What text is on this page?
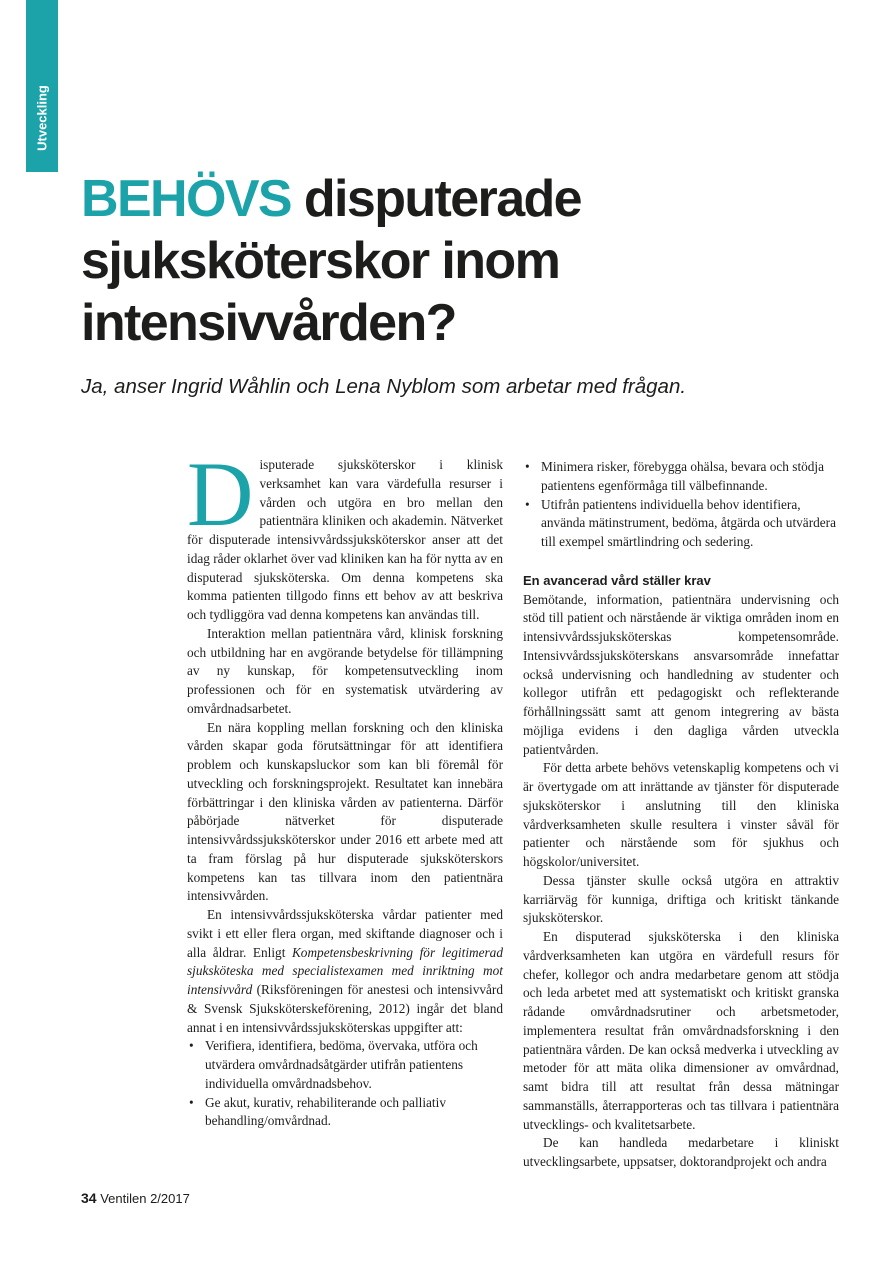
Utveckling
BEHÖVS disputerade sjuksköterskor inom intensivvården?

Ja, anser Ingrid Wåhlin och Lena Nyblom som arbetar med frågan.

Disputerade sjuksköterskor i klinisk verksamhet kan vara värdefulla resurser i vården och utgöra en bro mellan den patientnära kliniken och akademin. Nätverket för disputerade intensivvårdssjuksköterskor anser att det idag råder oklarhet över vad kliniken kan ha för nytta av en disputerad sjuksköterska. Om denna kompetens ska komma patienten tillgodo finns ett behov av att beskriva och tydliggöra vad denna kompetens kan användas till.

Interaktion mellan patientnära vård, klinisk forskning och utbildning har en avgörande betydelse för tillämpning av ny kunskap, för kompetensutveckling inom professionen och för en systematisk utvärdering av omvårdnadsarbetet.

En nära koppling mellan forskning och den kliniska vården skapar goda förutsättningar för att identifiera problem och kunskapsluckor som kan bli föremål för utveckling och forskningsprojekt. Resultatet kan innebära förbättringar i den kliniska vården av patienterna. Därför påbörjade nätverket för disputerade intensivvårdssjuksköterskor under 2016 ett arbete med att ta fram förslag på hur disputerade sjuksköterskors kompetens kan tas tillvara inom den patientnära intensivvården.

En intensivvårdssjuksköterska vårdar patienter med svikt i ett eller flera organ, med skiftande diagnoser och i alla åldrar. Enligt Kompetensbeskrivning för legitimerad sjuksköteska med specialistexamen med inriktning mot intensivvård (Riksföreningen för anestesi och intensivvård & Svensk Sjuksköterskeförening, 2012) ingår det bland annat i en intensivvårdssjuksköterskas uppgifter att:

• Verifiera, identifiera, bedöma, övervaka, utföra och utvärdera omvårdnadsåtgärder utifrån patientens individuella omvårdnadsbehov.
• Ge akut, kurativ, rehabiliterande och palliativ behandling/omvårdnad.
• Minimera risker, förebygga ohälsa, bevara och stödja patientens egenförmåga till välbefinnande.
• Utifrån patientens individuella behov identifiera, använda mätinstrument, bedöma, åtgärda och utvärdera till exempel smärtlindring och sedering.
En avancerad vård ställer krav

Bemötande, information, patientnära undervisning och stöd till patient och närstående är viktiga områden inom en intensivvårdssjuksköterskas kompetensområde. Intensivvårdssjuksköterskans ansvarsområde innefattar också undervisning och handledning av studenter och kollegor utifrån ett pedagogiskt och reflekterande förhållningssätt samt att genom integrering av bästa möjliga evidens i den dagliga vården utveckla patientvården.

För detta arbete behövs vetenskaplig kompetens och vi är övertygade om att inrättande av tjänster för disputerade sjuksköterskor i anslutning till den kliniska vårdverksamheten skulle resultera i vinster såväl för patienter och närstående som för sjukhus och högskolor/universitet.

Dessa tjänster skulle också utgöra en attraktiv karriärväg för kunniga, driftiga och kritiskt tänkande sjuksköterskor.

En disputerad sjuksköterska i den kliniska vårdverksamheten kan utgöra en värdefull resurs för chefer, kollegor och andra medarbetare genom att stödja och leda arbetet med att systematiskt och kritiskt granska rådande omvårdnadsrutiner och arbetsmetoder, implementera resultat från omvårdnadsforskning i den patientnära vården. De kan också medverka i utveckling av metoder för att mäta olika dimensioner av omvårdnad, samt bidra till att resultat från dessa mätningar sammanställs, återrapporteras och tas tillvara i patientnära utvecklings- och kvalitetsarbete.

De kan handleda medarbetare i kliniskt utvecklingsarbete, uppsatser, doktorandprojekt och andra

34 Ventilen 2/2017
